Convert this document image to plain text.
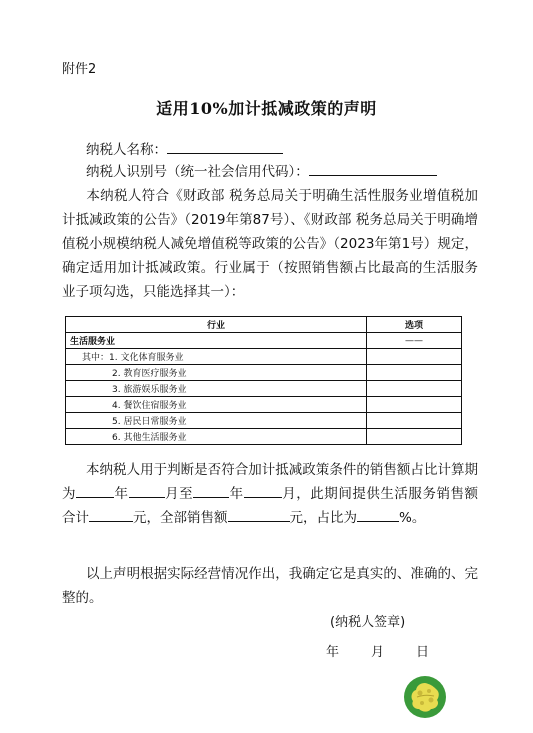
附件2
适用10%加计抵减政策的声明
纳税人名称：
纳税人识别号（统一社会信用代码）：
本纳税人符合《财政部 税务总局关于明确生活性服务业增值税加计抵减政策的公告》（2019年第87号）、《财政部 税务总局关于明确增值税小规模纳税人减免增值税等政策的公告》（2023年第1号）规定，确定适用加计抵减政策。行业属于（按照销售额占比最高的生活服务业子项勾选，只能选择其一）：
行业	选项
生活服务业	——
其中：1. 文化体育服务业	
2. 教育医疗服务业	
3. 旅游娱乐服务业	
4. 餐饮住宿服务业	
5. 居民日常服务业	
6. 其他生活服务业	
本纳税人用于判断是否符合加计抵减政策条件的销售额占比计算期为	年	月至	年	月，此期间提供生活服务销售额合计	元，全部销售额	元，占比为	%。
以上声明根据实际经营情况作出，我确定它是真实的、准确的、完整的。
(纳税人签章)
年 月 日
